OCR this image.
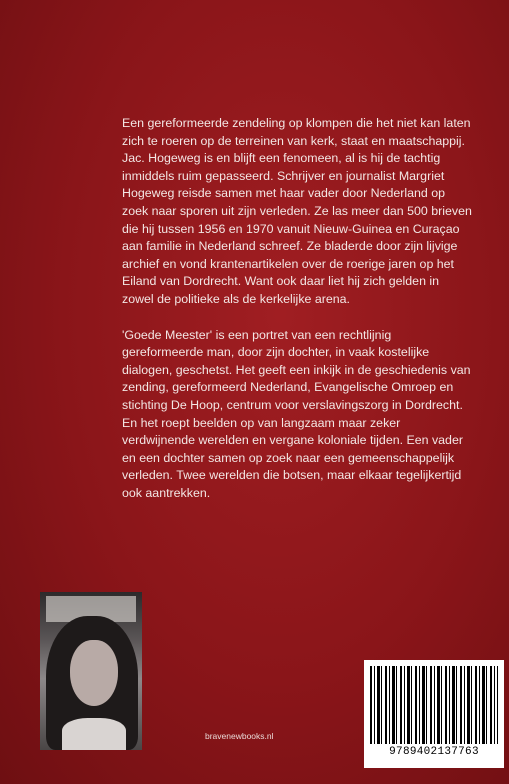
Een gereformeerde zendeling op klompen die het niet kan laten zich te roeren op de terreinen van kerk, staat en maatschappij. Jac. Hogeweg is en blijft een fenomeen, al is hij de tachtig inmiddels ruim gepasseerd. Schrijver en journalist Margriet Hogeweg reisde samen met haar vader door Nederland op zoek naar sporen uit zijn verleden. Ze las meer dan 500 brieven die hij tussen 1956 en 1970 vanuit Nieuw-Guinea en Curaçao aan familie in Nederland schreef. Ze bladerde door zijn lijvige archief en vond krantenartikelen over de roerige jaren op het Eiland van Dordrecht. Want ook daar liet hij zich gelden in zowel de politieke als de kerkelijke arena.

'Goede Meester' is een portret van een rechtlijnig gereformeerde man, door zijn dochter, in vaak kostelijke dialogen, geschetst. Het geeft een inkijk in de geschiedenis van zending, gereformeerd Nederland, Evangelische Omroep en stichting De Hoop, centrum voor verslavingszorg in Dordrecht. En het roept beelden op van langzaam maar zeker verdwijnende werelden en vergane koloniale tijden. Een vader en een dochter samen op zoek naar een gemeenschappelijk verleden. Twee werelden die botsen, maar elkaar tegelijkertijd ook aantrekken.

bravenewbooks.nl
9789402137763
